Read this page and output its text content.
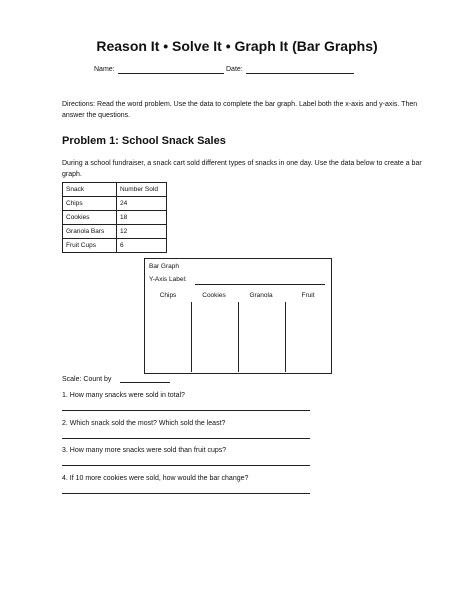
Reason It • Solve It • Graph It (Bar Graphs)
Name:	Date:
Directions: Read the word problem. Use the data to complete the bar graph. Label both the x-axis and y-axis. Then answer the questions.
Problem 1: School Snack Sales
During a school fundraiser, a snack cart sold different types of snacks in one day. Use the data below to create a bar graph.
Snack	Number Sold
Chips	24
Cookies	18
Granola Bars	12
Fruit Cups	6
Bar Graph
Y-Axis Label:
Chips	Cookies	Granola	Fruit
Scale: Count by
1. How many snacks were sold in total?
2. Which snack sold the most? Which sold the least?
3. How many more snacks were sold than fruit cups?
4. If 10 more cookies were sold, how would the bar change?
